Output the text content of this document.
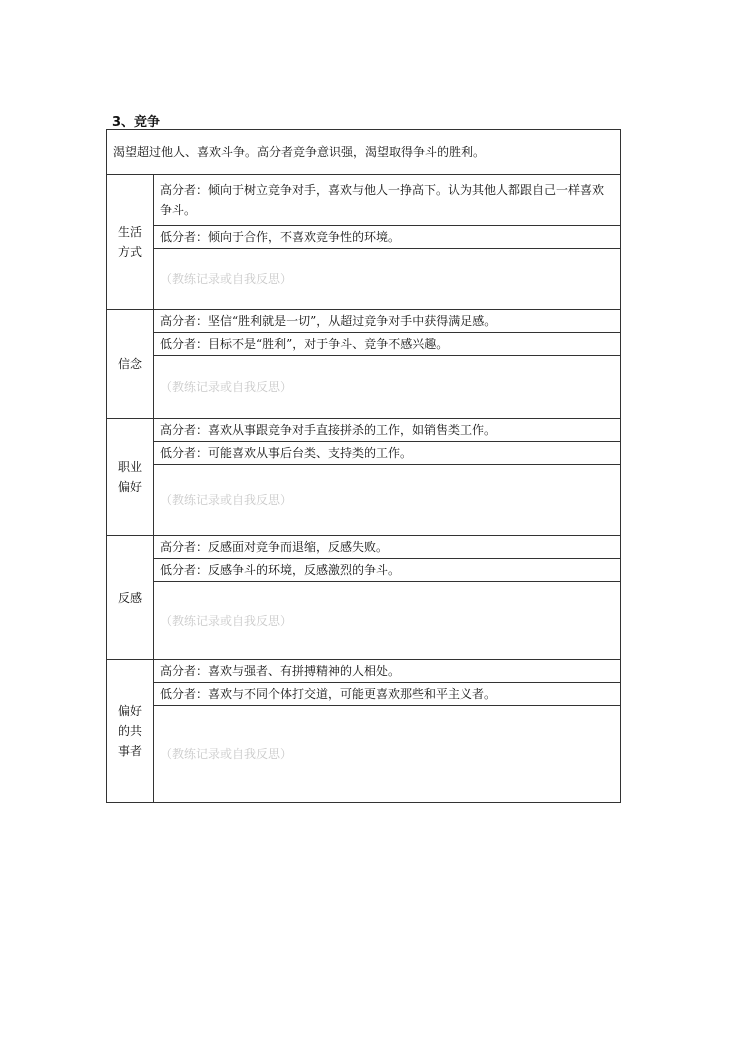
3、竞争
渴望超过他人、喜欢斗争。高分者竞争意识强，渴望取得争斗的胜利。	
生活方式	高分者：倾向于树立竞争对手，喜欢与他人一挣高下。认为其他人都跟自己一样喜欢争斗。
	低分者：倾向于合作，不喜欢竞争性的环境。
	（教练记录或自我反思）
信念	高分者：坚信“胜利就是一切”，从超过竞争对手中获得满足感。
	低分者：目标不是“胜利”，对于争斗、竞争不感兴趣。
	（教练记录或自我反思）
职业偏好	高分者：喜欢从事跟竞争对手直接拼杀的工作，如销售类工作。
	低分者：可能喜欢从事后台类、支持类的工作。
	（教练记录或自我反思）
反感	高分者：反感面对竞争而退缩，反感失败。
	低分者：反感争斗的环境，反感激烈的争斗。
	（教练记录或自我反思）
偏好的共事者	高分者：喜欢与强者、有拼搏精神的人相处。
	低分者：喜欢与不同个体打交道，可能更喜欢那些和平主义者。
	（教练记录或自我反思）
